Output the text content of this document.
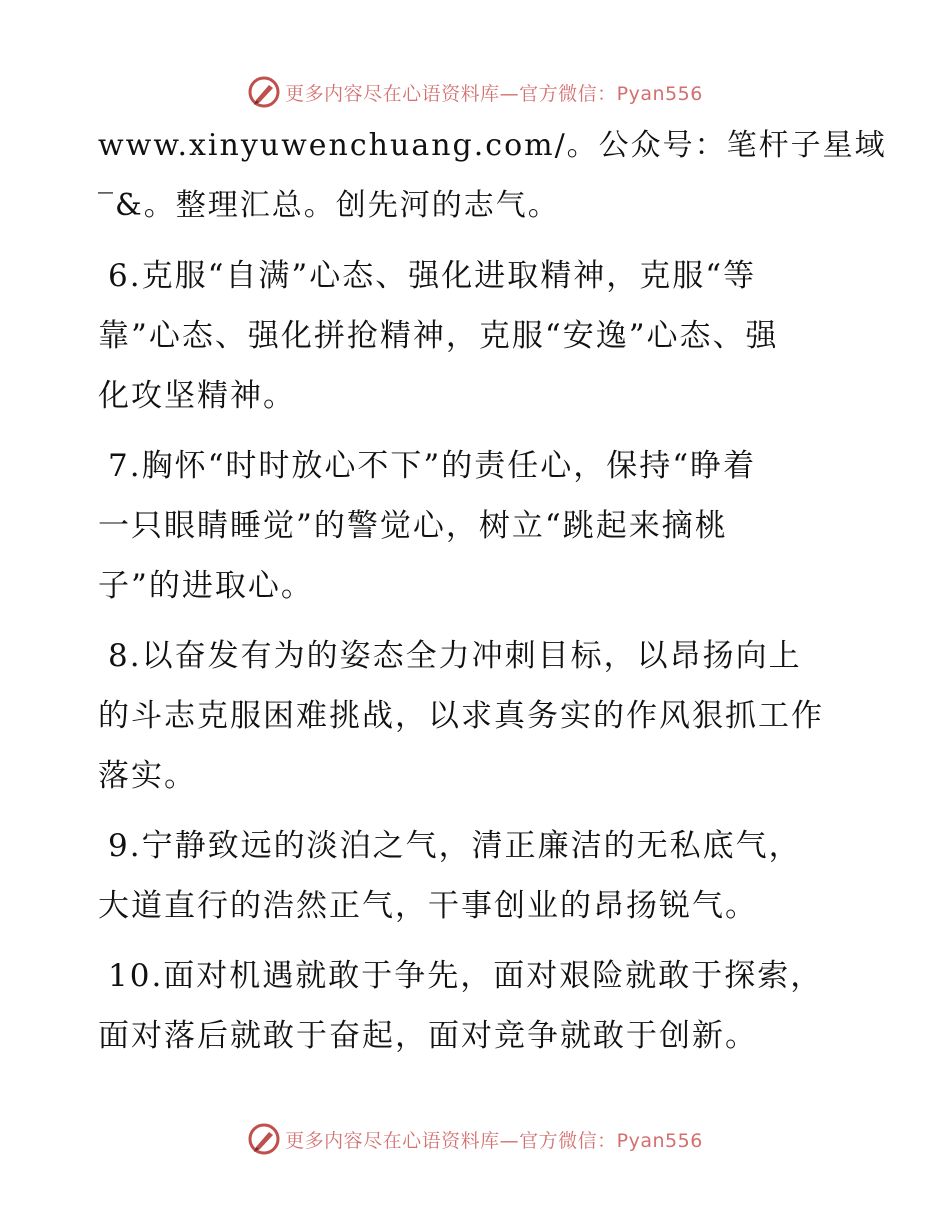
更多内容尽在心语资料库—官方微信：Pyan556

www.xinyuwenchuang.com/。公众号：笔杆子星域
‾&。整理汇总。创先河的志气。

6.克服“自满”心态、强化进取精神，克服“等
靠”心态、强化拼抢精神，克服“安逸”心态、强
化攻坚精神。

7.胸怀“时时放心不下”的责任心，保持“睁着
一只眼睛睡觉”的警觉心，树立“跳起来摘桃
子”的进取心。

8.以奋发有为的姿态全力冲刺目标，以昂扬向上
的斗志克服困难挑战，以求真务实的作风狠抓工作
落实。

9.宁静致远的淡泊之气，清正廉洁的无私底气，
大道直行的浩然正气，干事创业的昂扬锐气。

10.面对机遇就敢于争先，面对艰险就敢于探索，
面对落后就敢于奋起，面对竞争就敢于创新。

更多内容尽在心语资料库—官方微信：Pyan556
